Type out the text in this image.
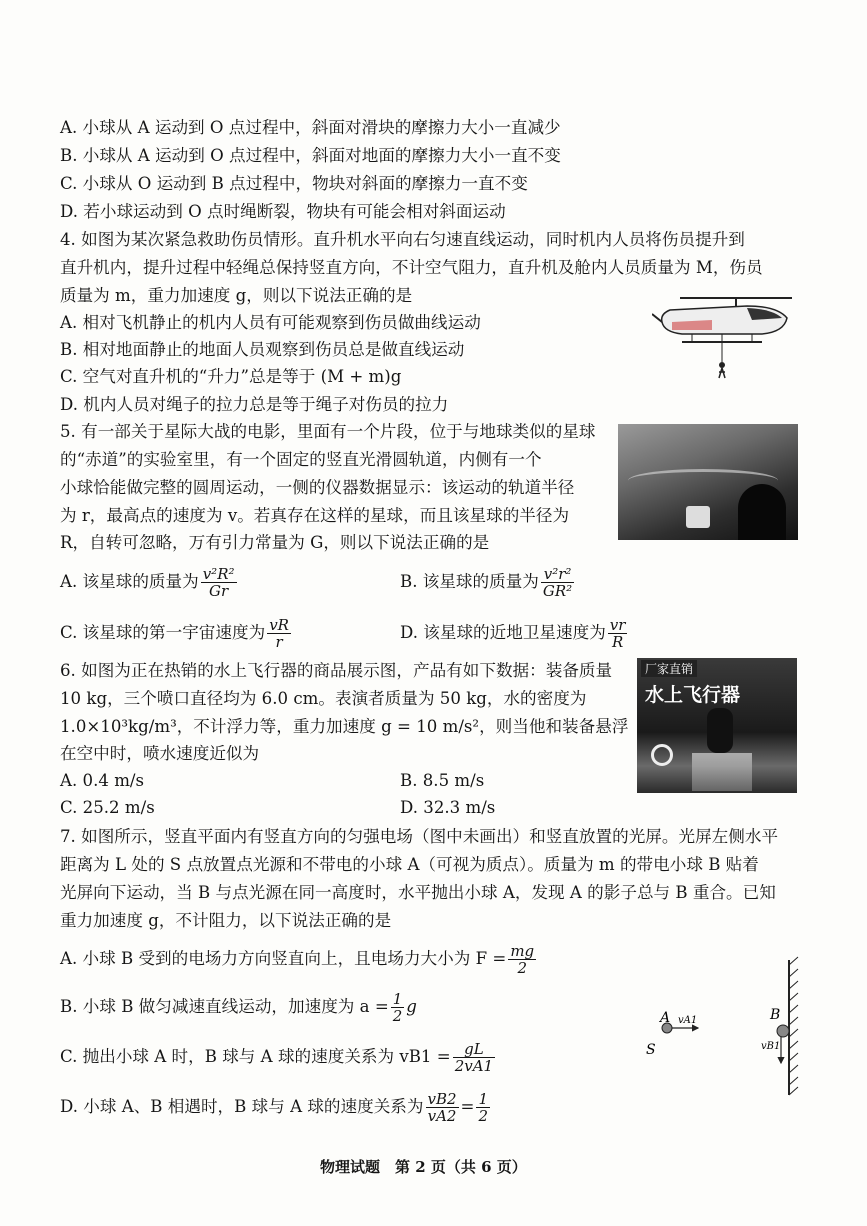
A. 小球从 A 运动到 O 点过程中，斜面对滑块的摩擦力大小一直减少
B. 小球从 A 运动到 O 点过程中，斜面对地面的摩擦力大小一直不变
C. 小球从 O 运动到 B 点过程中，物块对斜面的摩擦力一直不变
D. 若小球运动到 O 点时绳断裂，物块有可能会相对斜面运动
4. 如图为某次紧急救助伤员情形。直升机水平向右匀速直线运动，同时机内人员将伤员提升到
直升机内，提升过程中轻绳总保持竖直方向，不计空气阻力，直升机及舱内人员质量为 M，伤员
质量为 m，重力加速度 g，则以下说法正确的是
A. 相对飞机静止的机内人员有可能观察到伤员做曲线运动
B. 相对地面静止的地面人员观察到伤员总是做直线运动
C. 空气对直升机的“升力”总是等于 (M + m)g
D. 机内人员对绳子的拉力总是等于绳子对伤员的拉力
5. 有一部关于星际大战的电影，里面有一个片段，位于与地球类似的星球
的“赤道”的实验室里，有一个固定的竖直光滑圆轨道，内侧有一个
小球恰能做完整的圆周运动，一侧的仪器数据显示：该运动的轨道半径
为 r，最高点的速度为 v。若真存在这样的星球，而且该星球的半径为
R，自转可忽略，万有引力常量为 G，则以下说法正确的是
A. 该星球的质量为 $\frac{\text{v²R²}}{Gr}$	B. 该星球的质量为 $\frac{\text{v²r²}}{\text{GR²}}$
C. 该星球的第一宇宙速度为 $\frac{vR}{r}$	D. 该星球的近地卫星速度为 $\frac{vr}{R}$
6. 如图为正在热销的水上飞行器的商品展示图，产品有如下数据：装备质量
10 kg，三个喷口直径均为 6.0 cm。表演者质量为 50 kg，水的密度为
1.0×10³kg/m³，不计浮力等，重力加速度 g = 10 m/s²，则当他和装备悬浮
在空中时，喷水速度近似为
A. 0.4 m/s	B. 8.5 m/s
C. 25.2 m/s	D. 32.3 m/s
厂家直销
水上飞行器
7. 如图所示，竖直平面内有竖直方向的匀强电场（图中未画出）和竖直放置的光屏。光屏左侧水平
距离为 L 处的 S 点放置点光源和不带电的小球 A（可视为质点）。质量为 m 的带电小球 B 贴着
光屏向下运动，当 B 与点光源在同一高度时，水平抛出小球 A，发现 A 的影子总与 B 重合。已知
重力加速度 g，不计阻力，以下说法正确的是
A. 小球 B 受到的电场力方向竖直向上，且电场力大小为 $F = \frac{mg}{2}$
B. 小球 B 做匀减速直线运动，加速度为 $a = \frac{1}{2}$ g
C. 抛出小球 A 时，B 球与 A 球的速度关系为 $vB1 = \frac{gL}{2vA1}$
D. 小球 A、B 相遇时，B 球与 A 球的速度关系为 $\frac{vB2}{vA2} = \frac{1}{2}$
A vA1
S
B
vB1
物理试题　第 2 页（共 6 页）
